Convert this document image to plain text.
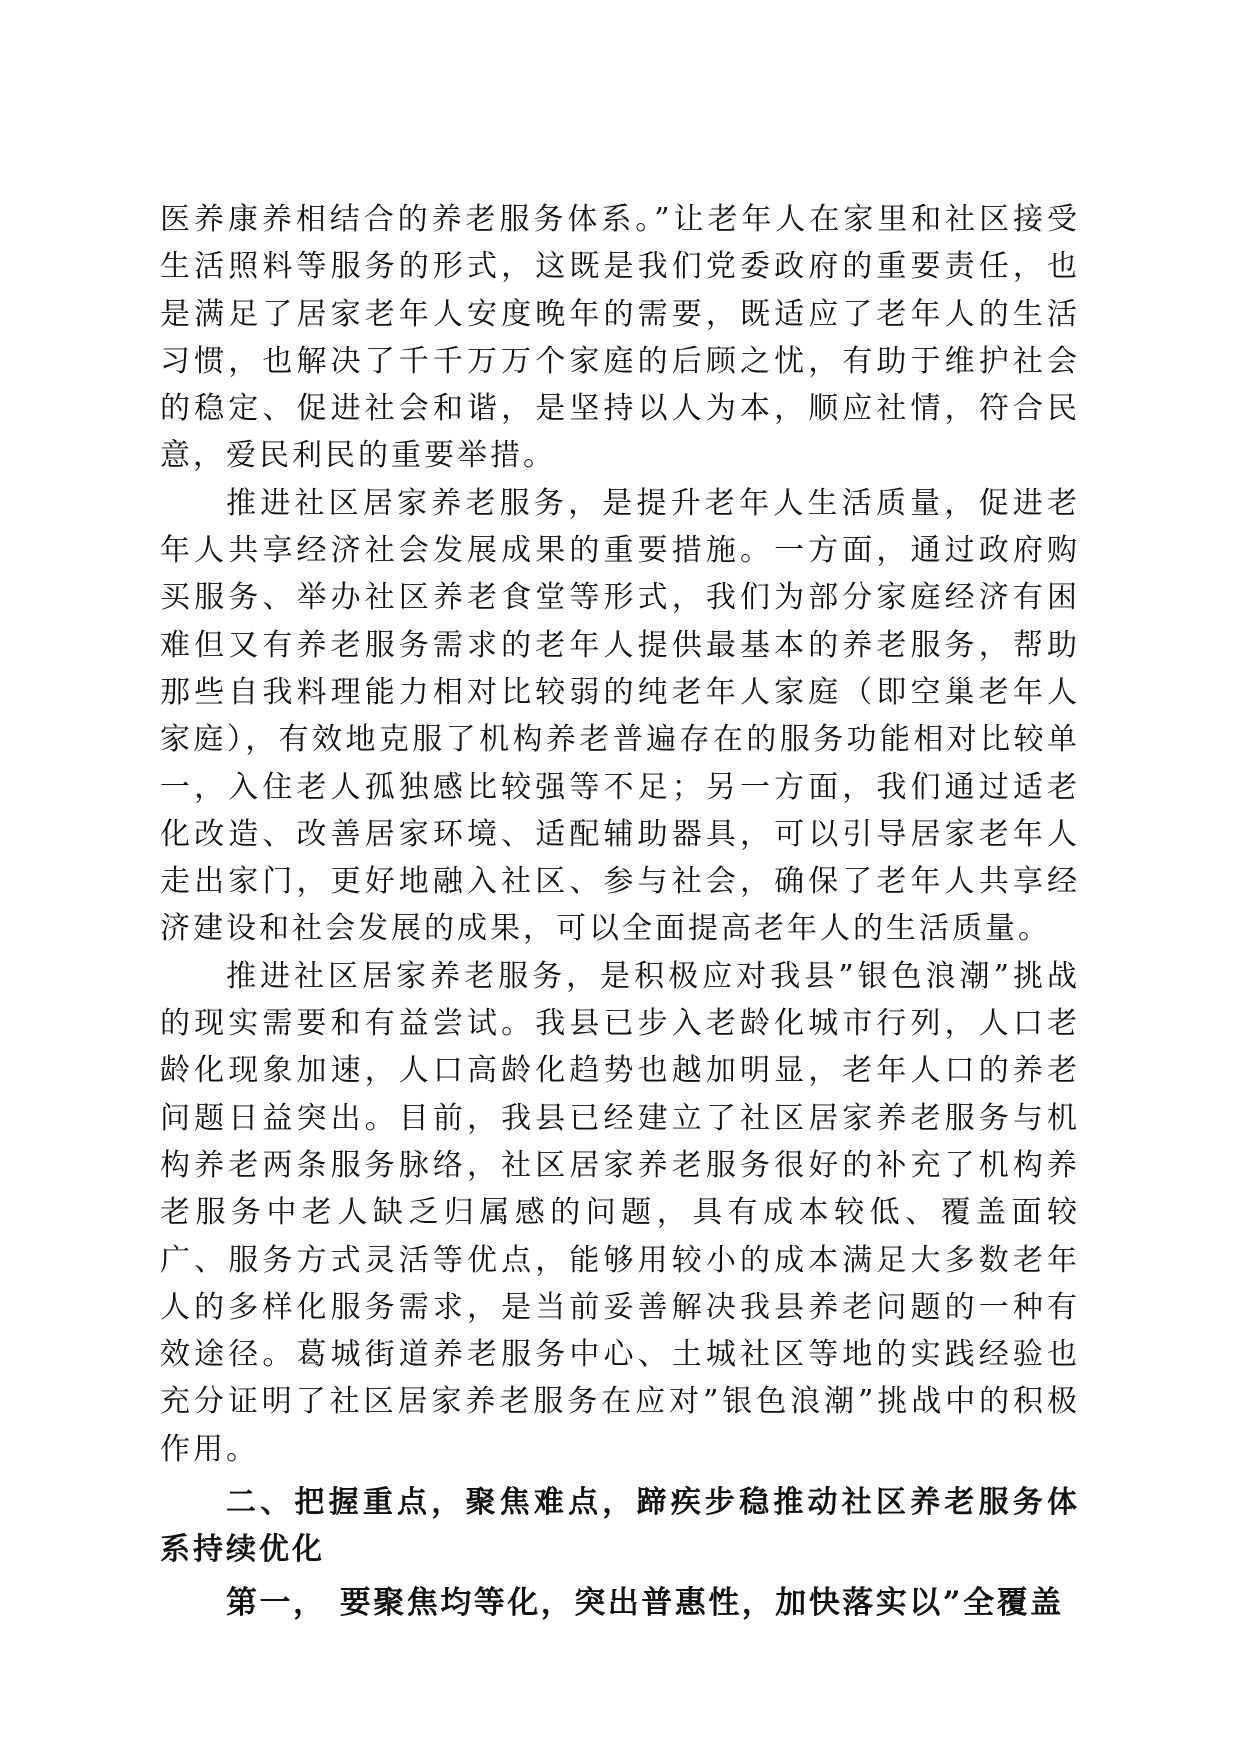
医养康养相结合的养老服务体系。”让老年人在家里和社区接受生活照料等服务的形式，这既是我们党委政府的重要责任，也是满足了居家老年人安度晚年的需要，既适应了老年人的生活习惯，也解决了千千万万个家庭的后顾之忧，有助于维护社会的稳定、促进社会和谐，是坚持以人为本，顺应社情，符合民意，爱民利民的重要举措。

推进社区居家养老服务，是提升老年人生活质量，促进老年人共享经济社会发展成果的重要措施。一方面，通过政府购买服务、举办社区养老食堂等形式，我们为部分家庭经济有困难但又有养老服务需求的老年人提供最基本的养老服务，帮助那些自我料理能力相对比较弱的纯老年人家庭（即空巢老年人家庭），有效地克服了机构养老普遍存在的服务功能相对比较单一，入住老人孤独感比较强等不足；另一方面，我们通过适老化改造、改善居家环境、适配辅助器具，可以引导居家老年人走出家门，更好地融入社区、参与社会，确保了老年人共享经济建设和社会发展的成果，可以全面提高老年人的生活质量。

推进社区居家养老服务，是积极应对我县”银色浪潮”挑战的现实需要和有益尝试。我县已步入老龄化城市行列，人口老龄化现象加速，人口高龄化趋势也越加明显，老年人口的养老问题日益突出。目前，我县已经建立了社区居家养老服务与机构养老两条服务脉络，社区居家养老服务很好的补充了机构养老服务中老人缺乏归属感的问题，具有成本较低、覆盖面较广、服务方式灵活等优点，能够用较小的成本满足大多数老年人的多样化服务需求，是当前妥善解决我县养老问题的一种有效途径。葛城街道养老服务中心、土城社区等地的实践经验也充分证明了社区居家养老服务在应对”银色浪潮”挑战中的积极作用。

二、把握重点，聚焦难点，蹄疾步稳推动社区养老服务体系持续优化

第一， 要聚焦均等化，突出普惠性，加快落实以”全覆盖
